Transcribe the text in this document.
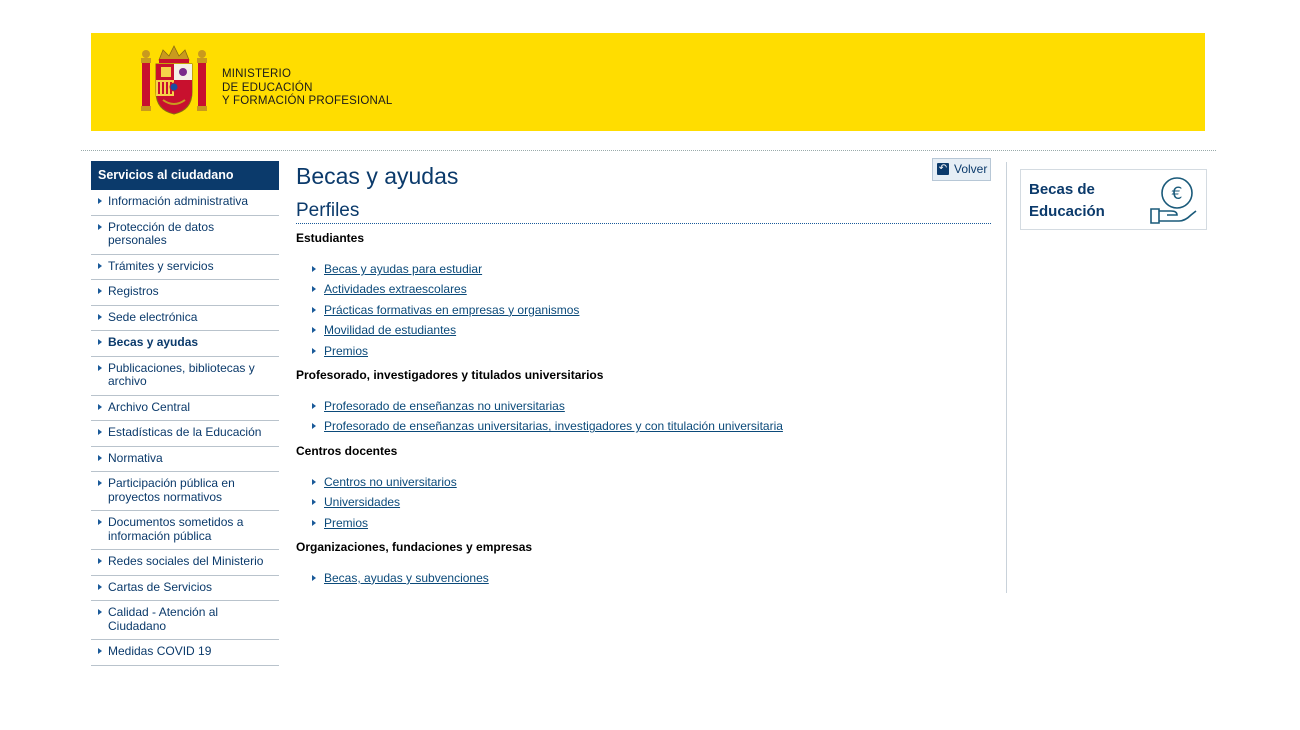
MINISTERIO
DE EDUCACIÓN
Y FORMACIÓN PROFESIONAL
Servicios al ciudadano
Información administrativa
Protección de datos personales
Trámites y servicios
Registros
Sede electrónica
Becas y ayudas
Publicaciones, bibliotecas y archivo
Archivo Central
Estadísticas de la Educación
Normativa
Participación pública en proyectos normativos
Documentos sometidos a información pública
Redes sociales del Ministerio
Cartas de Servicios
Calidad - Atención al Ciudadano
Medidas COVID 19
Becas y ayudas
Perfiles
Estudiantes
Becas y ayudas para estudiar
Actividades extraescolares
Prácticas formativas en empresas y organismos
Movilidad de estudiantes
Premios
Profesorado, investigadores y titulados universitarios
Profesorado de enseñanzas no universitarias
Profesorado de enseñanzas universitarias, investigadores y con titulación universitaria
Centros docentes
Centros no universitarios
Universidades
Premios
Organizaciones, fundaciones y empresas
Becas, ayudas y subvenciones
↶ Volver
Becas de
Educación
€
